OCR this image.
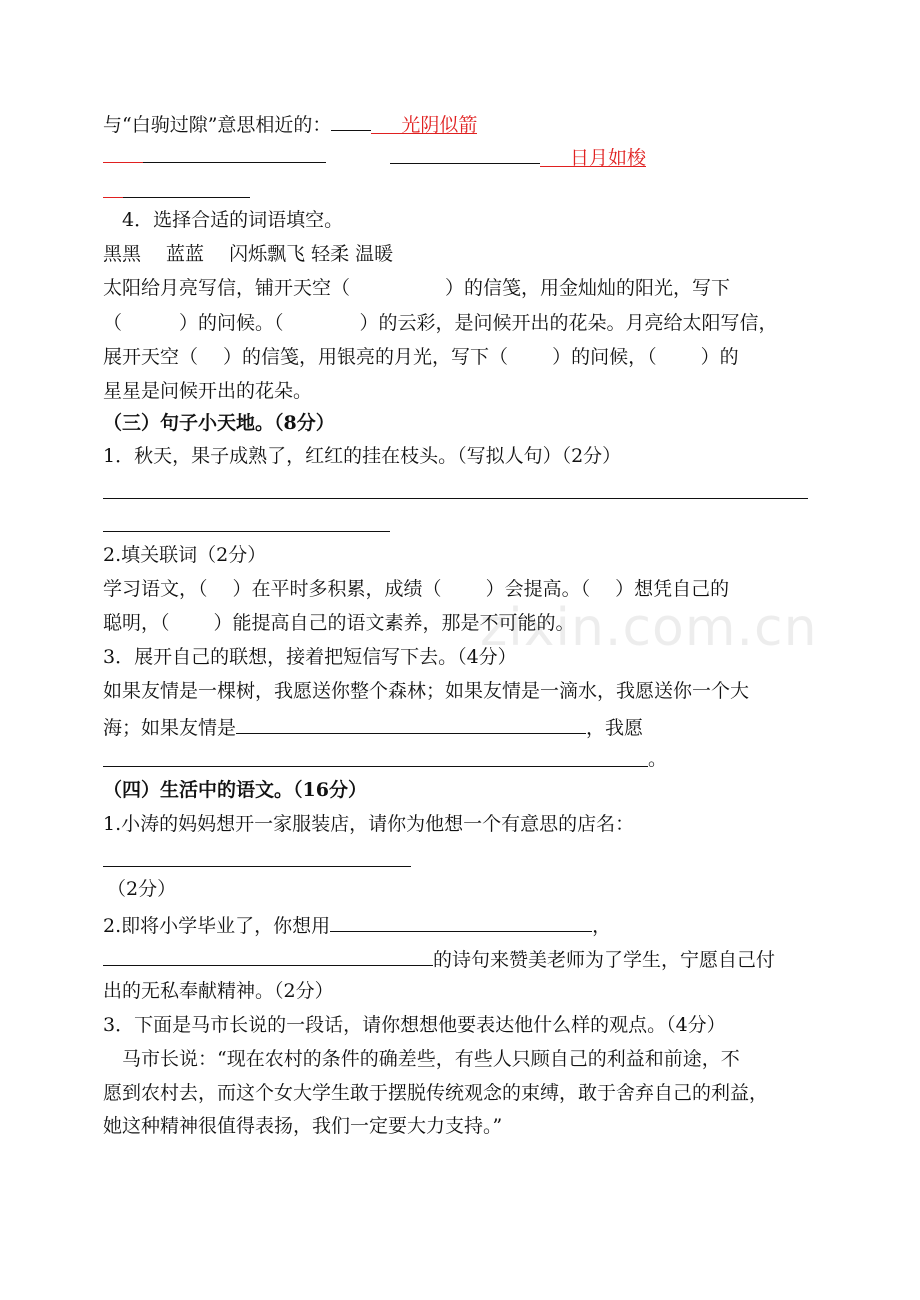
与“白驹过隙”意思相近的：	光阴似箭
日月如梭
4．选择合适的词语填空。
黑黑　 蓝蓝　 闪烁飘飞 轻柔 温暖
太阳给月亮写信，铺开天空（　　　　　）的信笺，用金灿灿的阳光，写下
（　　　）的问候。（　　　　）的云彩，是问候开出的花朵。月亮给太阳写信，
展开天空（　 ）的信笺，用银亮的月光，写下（　　 ）的问候，（　　 ）的
星星是问候开出的花朵。
（三）句子小天地。（8分）
1．秋天，果子成熟了，红红的挂在枝头。（写拟人句）（2分）
2.填关联词（2分）
学习语文，（　 ）在平时多积累，成绩（　　 ）会提高。（　 ）想凭自己的
聪明，（　　 ）能提高自己的语文素养，那是不可能的。
zixin.com.cn
3．展开自己的联想，接着把短信写下去。（4分）
如果友情是一棵树，我愿送你整个森林；如果友情是一滴水，我愿送你一个大
海；如果友情是	，我愿
。
（四）生活中的语文。（16分）
1.小涛的妈妈想开一家服装店，请你为他想一个有意思的店名：
（2分）
2.即将小学毕业了，你想用	，
的诗句来赞美老师为了学生，宁愿自己付
出的无私奉献精神。（2分）
3．下面是马市长说的一段话，请你想想他要表达他什么样的观点。（4分）
　马市长说：“现在农村的条件的确差些，有些人只顾自己的利益和前途，不
愿到农村去，而这个女大学生敢于摆脱传统观念的束缚，敢于舍弃自己的利益，
她这种精神很值得表扬，我们一定要大力支持。”
